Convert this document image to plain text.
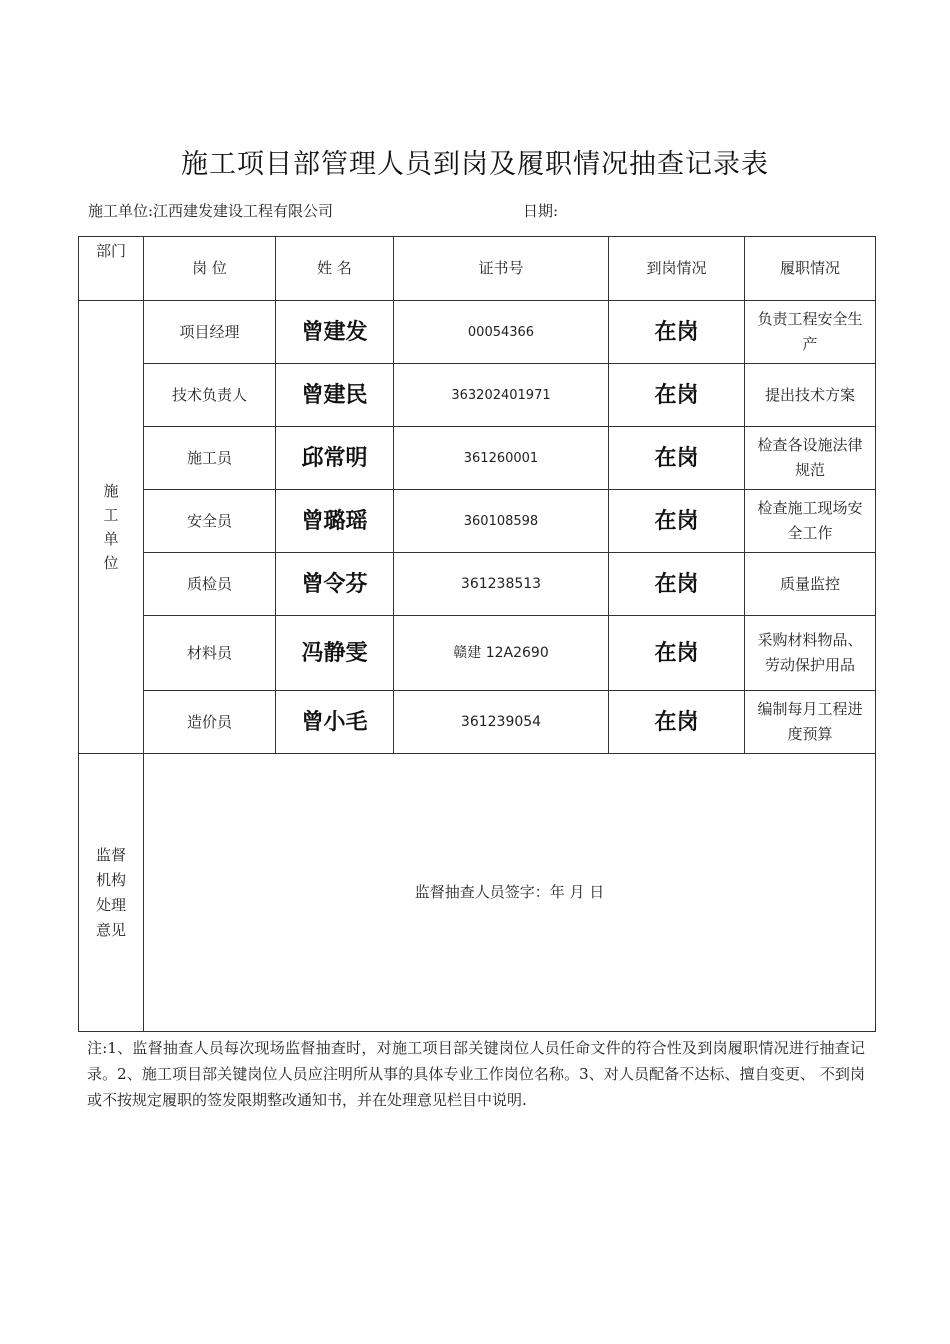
施工项目部管理人员到岗及履职情况抽查记录表
施工单位:江西建发建设工程有限公司	日期:
部门	岗 位	姓 名	证书号	到岗情况	履职情况
施工单位	项目经理	曾建发	00054366	在岗	负责工程安全生产
	技术负责人	曾建民	363202401971	在岗	提出技术方案
	施工员	邱常明	361260001	在岗	检查各设施法律规范
	安全员	曾璐瑶	360108598	在岗	检查施工现场安全工作
	质检员	曾令芬	361238513	在岗	质量监控
	材料员	冯静雯	赣建 12A2690	在岗	采购材料物品、劳动保护用品
	造价员	曾小毛	361239054	在岗	编制每月工程进度预算
监督机构处理意见	监督抽查人员签字：年 月 日				
注:1、监督抽查人员每次现场监督抽查时，对施工项目部关键岗位人员任命文件的符合性及到岗履职情况进行抽查记录。2、施工项目部关键岗位人员应注明所从事的具体专业工作岗位名称。3、对人员配备不达标、擅自变更、 不到岗或不按规定履职的签发限期整改通知书，并在处理意见栏目中说明.
